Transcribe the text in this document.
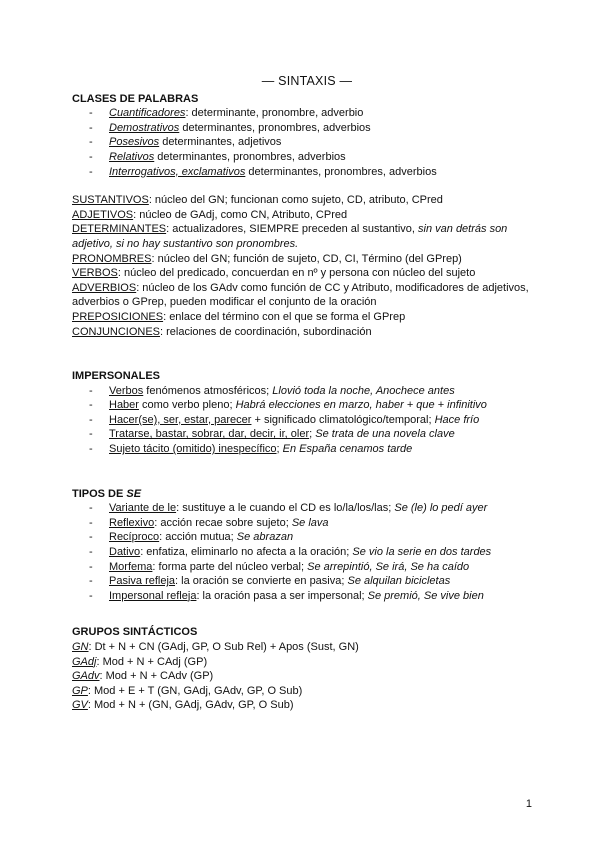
— SINTAXIS —
CLASES DE PALABRAS
- Cuantificadores: determinante, pronombre, adverbio
- Demostrativos determinantes, pronombres, adverbios
- Posesivos determinantes, adjetivos
- Relativos determinantes, pronombres, adverbios
- Interrogativos, exclamativos determinantes, pronombres, adverbios
SUSTANTIVOS: núcleo del GN; funcionan como sujeto, CD, atributo, CPred
ADJETIVOS: núcleo de GAdj, como CN, Atributo, CPred
DETERMINANTES: actualizadores, SIEMPRE preceden al sustantivo, sin van detrás son adjetivo, si no hay sustantivo son pronombres.
PRONOMBRES: núcleo del GN; función de sujeto, CD, CI, Término (del GPrep)
VERBOS: núcleo del predicado, concuerdan en nº y persona con núcleo del sujeto
ADVERBIOS: núcleo de los GAdv como función de CC y Atributo, modificadores de adjetivos, adverbios o GPrep, pueden modificar el conjunto de la oración
PREPOSICIONES: enlace del término con el que se forma el GPrep
CONJUNCIONES: relaciones de coordinación, subordinación
IMPERSONALES
- Verbos fenómenos atmosféricos; Llovió toda la noche, Anochece antes
- Haber como verbo pleno; Habrá elecciones en marzo, haber + que + infinitivo
- Hacer(se), ser, estar, parecer + significado climatológico/temporal; Hace frío
- Tratarse, bastar, sobrar, dar, decir, ir, oler; Se trata de una novela clave
- Sujeto tácito (omitido) inespecífico; En España cenamos tarde
TIPOS DE SE
- Variante de le: sustituye a le cuando el CD es lo/la/los/las; Se (le) lo pedí ayer
- Reflexivo: acción recae sobre sujeto; Se lava
- Recíproco: acción mutua; Se abrazan
- Dativo: enfatiza, eliminarlo no afecta a la oración; Se vio la serie en dos tardes
- Morfema: forma parte del núcleo verbal; Se arrepintió, Se irá, Se ha caído
- Pasiva refleja: la oración se convierte en pasiva; Se alquilan bicicletas
- Impersonal refleja: la oración pasa a ser impersonal; Se premió, Se vive bien
GRUPOS SINTÁCTICOS
GN: Dt + N + CN (GAdj, GP, O Sub Rel) + Apos (Sust, GN)
GAdj: Mod + N + CAdj (GP)
GAdv: Mod + N + CAdv (GP)
GP: Mod + E + T (GN, GAdj, GAdv, GP, O Sub)
GV: Mod + N + (GN, GAdj, GAdv, GP, O Sub)
1
